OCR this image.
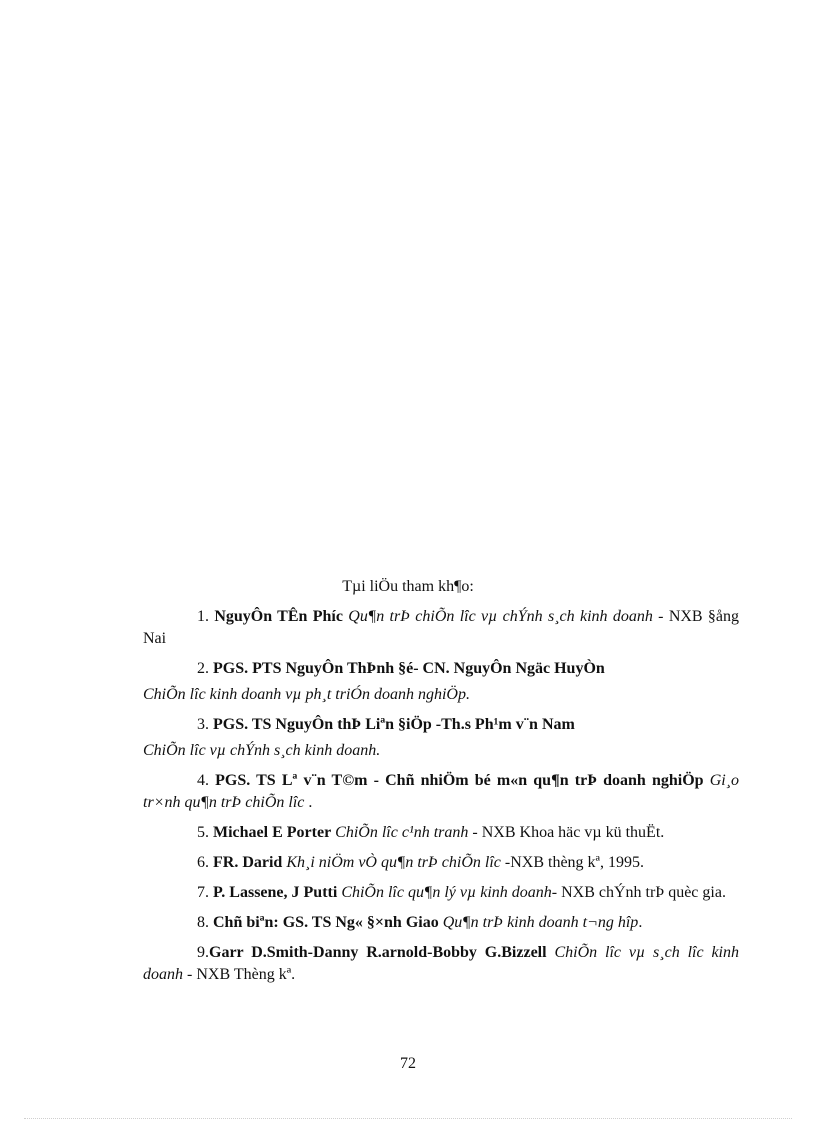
Tµi liÖu tham kh¶o:

1. NguyÔn TÊn Phíc Qu¶n trÞ chiÕn lîc vµ chÝnh s¸ch kinh doanh - NXB §ång Nai

2. PGS. PTS NguyÔn ThÞnh §é- CN. NguyÔn Ngäc HuyÒn

ChiÕn lîc kinh doanh vµ ph¸t triÓn doanh nghiÖp.

3. PGS. TS NguyÔn thÞ Liªn §iÖp -Th.s Ph¹m v¨n Nam

ChiÕn lîc vµ chÝnh s¸ch kinh doanh.

4. PGS. TS Lª v¨n T©m - Chñ nhiÖm bé m«n qu¶n trÞ doanh nghiÖp Gi¸o tr×nh qu¶n trÞ chiÕn lîc .

5. Michael E Porter ChiÕn lîc c¹nh tranh - NXB Khoa häc vµ kü thuËt.

6. FR. Darid Kh¸i niÖm vÒ qu¶n trÞ chiÕn lîc -NXB thèng kª, 1995.

7. P. Lassene, J Putti ChiÕn lîc qu¶n lý vµ kinh doanh- NXB chÝnh trÞ quèc gia.

8. Chñ biªn: GS. TS Ng« §×nh Giao Qu¶n trÞ kinh doanh t¬ng hîp.

9.Garr D.Smith-Danny R.arnold-Bobby G.Bizzell ChiÕn lîc vµ s¸ch lîc kinh doanh - NXB Thèng kª.

72
